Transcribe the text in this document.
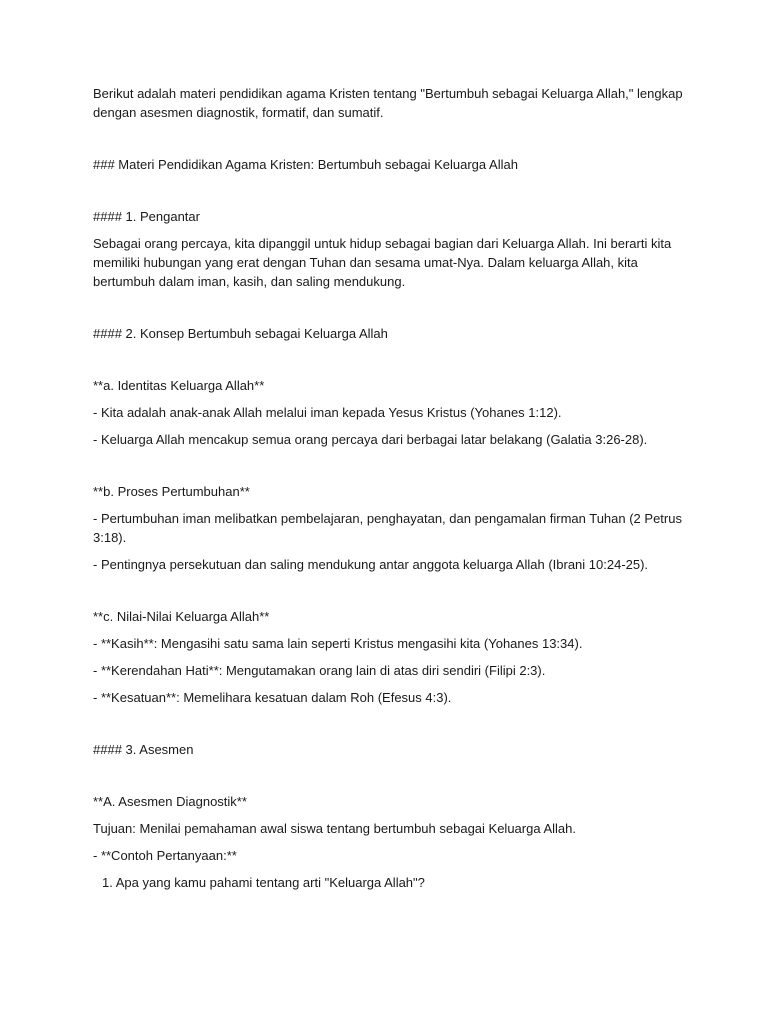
Berikut adalah materi pendidikan agama Kristen tentang "Bertumbuh sebagai Keluarga Allah," lengkap dengan asesmen diagnostik, formatif, dan sumatif.

### Materi Pendidikan Agama Kristen: Bertumbuh sebagai Keluarga Allah

#### 1. Pengantar

Sebagai orang percaya, kita dipanggil untuk hidup sebagai bagian dari Keluarga Allah. Ini berarti kita memiliki hubungan yang erat dengan Tuhan dan sesama umat-Nya. Dalam keluarga Allah, kita bertumbuh dalam iman, kasih, dan saling mendukung.

#### 2. Konsep Bertumbuh sebagai Keluarga Allah

**a. Identitas Keluarga Allah**

- Kita adalah anak-anak Allah melalui iman kepada Yesus Kristus (Yohanes 1:12).

- Keluarga Allah mencakup semua orang percaya dari berbagai latar belakang (Galatia 3:26-28).

**b. Proses Pertumbuhan**

- Pertumbuhan iman melibatkan pembelajaran, penghayatan, dan pengamalan firman Tuhan (2 Petrus 3:18).

- Pentingnya persekutuan dan saling mendukung antar anggota keluarga Allah (Ibrani 10:24-25).

**c. Nilai-Nilai Keluarga Allah**

- **Kasih**: Mengasihi satu sama lain seperti Kristus mengasihi kita (Yohanes 13:34).

- **Kerendahan Hati**: Mengutamakan orang lain di atas diri sendiri (Filipi 2:3).

- **Kesatuan**: Memelihara kesatuan dalam Roh (Efesus 4:3).

#### 3. Asesmen

**A. Asesmen Diagnostik**

Tujuan: Menilai pemahaman awal siswa tentang bertumbuh sebagai Keluarga Allah.

- **Contoh Pertanyaan:**

1. Apa yang kamu pahami tentang arti "Keluarga Allah"?
